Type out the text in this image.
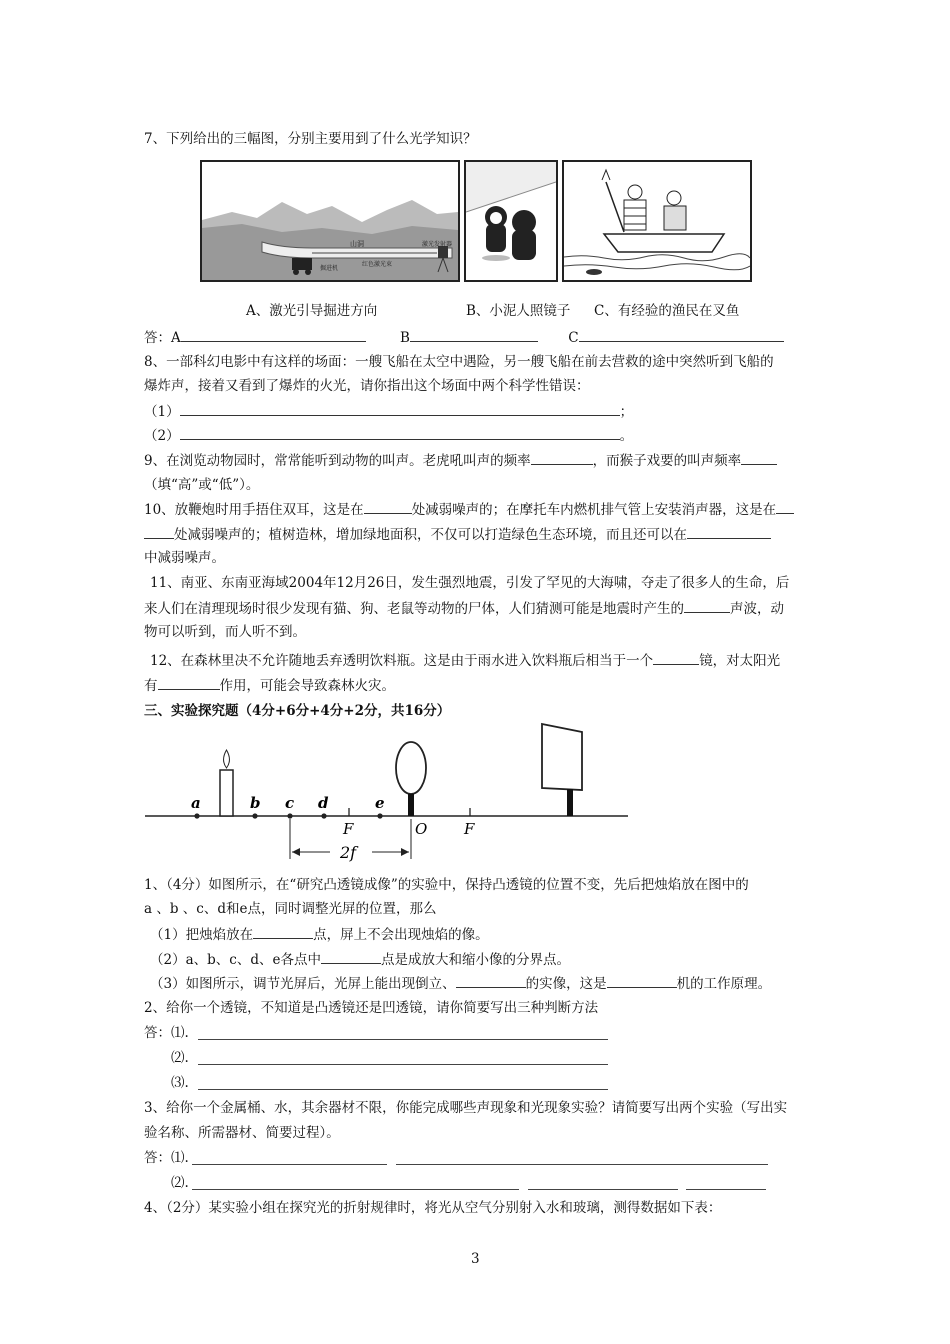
7、下列给出的三幅图，分别主要用到了什么光学知识？
山洞	激光发射器
掘进机
红色激光束
A、激光引导掘进方向	B、小泥人照镜子 C、有经验的渔民在叉鱼
答：A	B	C
8、一部科幻电影中有这样的场面：一艘飞船在太空中遇险，另一艘飞船在前去营救的途中突然听到飞船的
爆炸声，接着又看到了爆炸的火光，请你指出这个场面中两个科学性错误：
（1）	；
（2）	。
9、在浏览动物园时，常常能听到动物的叫声。老虎吼叫声的频率	，而猴子戏要的叫声频率
（填“高”或“低”）。
10、放鞭炮时用手捂住双耳，这是在	处减弱噪声的；在摩托车内燃机排气管上安装消声器，这是在
处减弱噪声的；植树造林，增加绿地面积，不仅可以打造绿色生态环境，而且还可以在
中减弱噪声。
11、南亚、东南亚海域2004年12月26日，发生强烈地震，引发了罕见的大海啸，夺走了很多人的生命，后
来人们在清理现场时很少发现有猫、狗、老鼠等动物的尸体，人们猜测可能是地震时产生的	声波，动
物可以听到，而人听不到。
12、在森林里决不允许随地丢弃透明饮料瓶。这是由于雨水进入饮料瓶后相当于一个	镜，对太阳光
有	作用，可能会导致森林火灾。
三、实验探究题（4分+6分+4分+2分，共16分）
a	b c d	e
F	O F
2f
1、（4分）如图所示，在“研究凸透镜成像”的实验中，保持凸透镜的位置不变，先后把烛焰放在图中的
a 、b 、c、d和e点，同时调整光屏的位置，那么
（1）把烛焰放在	点，屏上不会出现烛焰的像。
（2）a、b、c、d、e各点中	点是成放大和缩小像的分界点。
（3）如图所示，调节光屏后，光屏上能出现倒立、	的实像，这是	机的工作原理。
2、给你一个透镜，不知道是凸透镜还是凹透镜，请你简要写出三种判断方法
答：⑴.
⑵.
⑶.
3、给你一个金属桶、水，其余器材不限，你能完成哪些声现象和光现象实验？请简要写出两个实验（写出实
验名称、所需器材、简要过程）。
答：⑴.
⑵.
4、（2分）某实验小组在探究光的折射规律时，将光从空气分别射入水和玻璃，测得数据如下表：
3
